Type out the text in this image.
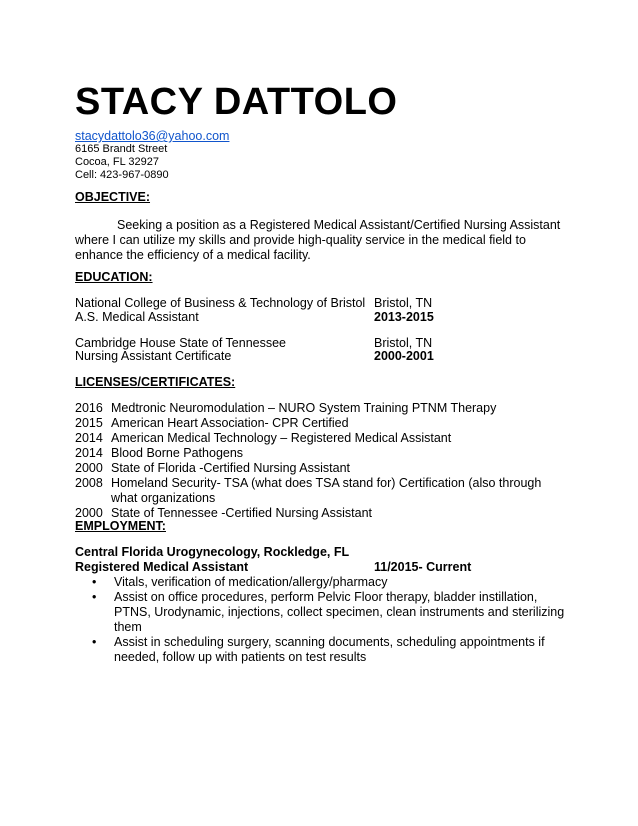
STACY DATTOLO
stacydattolo36@yahoo.com
6165 Brandt Street
Cocoa, FL 32927
Cell: 423-967-0890
OBJECTIVE:
Seeking a position as a Registered Medical Assistant/Certified Nursing Assistant where I can utilize my skills and provide high-quality service in the medical field to enhance the efficiency of a medical facility.
EDUCATION:
National College of Business & Technology of Bristol Bristol, TN
A.S. Medical Assistant	2013-2015
Cambridge House State of Tennessee	Bristol, TN
Nursing Assistant Certificate	2000-2001
LICENSES/CERTIFICATES:
2016 Medtronic Neuromodulation – NURO System Training PTNM Therapy
2015 American Heart Association- CPR Certified
2014 American Medical Technology – Registered Medical Assistant
2014 Blood Borne Pathogens
2000 State of Florida -Certified Nursing Assistant
2008 Homeland Security- TSA (what does TSA stand for) Certification (also through what organizations
2000 State of Tennessee -Certified Nursing Assistant
EMPLOYMENT:
Central Florida Urogynecology, Rockledge, FL
Registered Medical Assistant	11/2015- Current
• Vitals, verification of medication/allergy/pharmacy
• Assist on office procedures, perform Pelvic Floor therapy, bladder instillation, PTNS, Urodynamic, injections, collect specimen, clean instruments and sterilizing them
• Assist in scheduling surgery, scanning documents, scheduling appointments if needed, follow up with patients on test results
